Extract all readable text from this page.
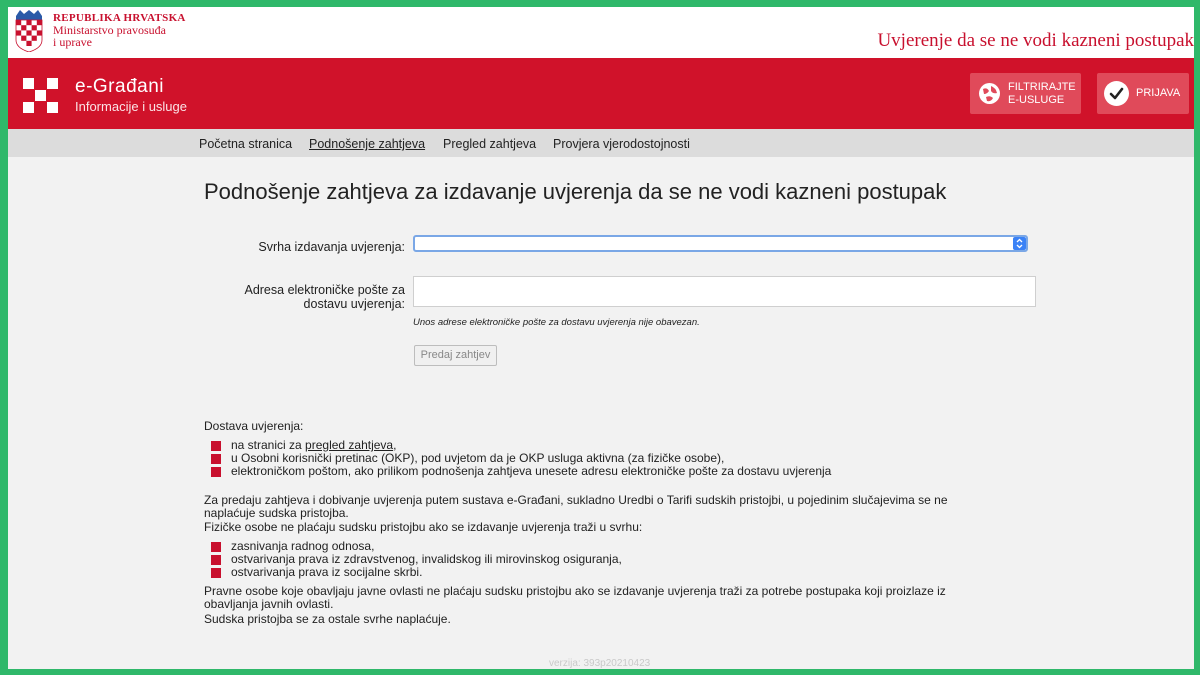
REPUBLIKA HRVATSKA
Ministarstvo pravosuđa
i uprave	Uvjerenje da se ne vodi kazneni postupak
e-Građani
Informacije i usluge
FILTRIRAJTE
E-USLUGE
PRIJAVA
Početna stranica Podnošenje zahtjeva Pregled zahtjeva Provjera vjerodostojnosti
Podnošenje zahtjeva za izdavanje uvjerenja da se ne vodi kazneni postupak
Svrha izdavanja uvjerenja:
Adresa elektroničke pošte za
dostavu uvjerenja:
Unos adrese elektroničke pošte za dostavu uvjerenja nije obavezan.
Predaj zahtjev
Dostava uvjerenja:
na stranici za pregled zahtjeva,
u Osobni korisnički pretinac (OKP), pod uvjetom da je OKP usluga aktivna (za fizičke osobe),
elektroničkom poštom, ako prilikom podnošenja zahtjeva unesete adresu elektroničke pošte za dostavu uvjerenja
Za predaju zahtjeva i dobivanje uvjerenja putem sustava e-Građani, sukladno Uredbi o Tarifi sudskih pristojbi, u pojedinim slučajevima se ne
naplaćuje sudska pristojba.
Fizičke osobe ne plaćaju sudsku pristojbu ako se izdavanje uvjerenja traži u svrhu:
zasnivanja radnog odnosa,
ostvarivanja prava iz zdravstvenog, invalidskog ili mirovinskog osiguranja,
ostvarivanja prava iz socijalne skrbi.
Pravne osobe koje obavljaju javne ovlasti ne plaćaju sudsku pristojbu ako se izdavanje uvjerenja traži za potrebe postupaka koji proizlaze iz
obavljanja javnih ovlasti.
Sudska pristojba se za ostale svrhe naplaćuje.
verzija: 393p20210423
